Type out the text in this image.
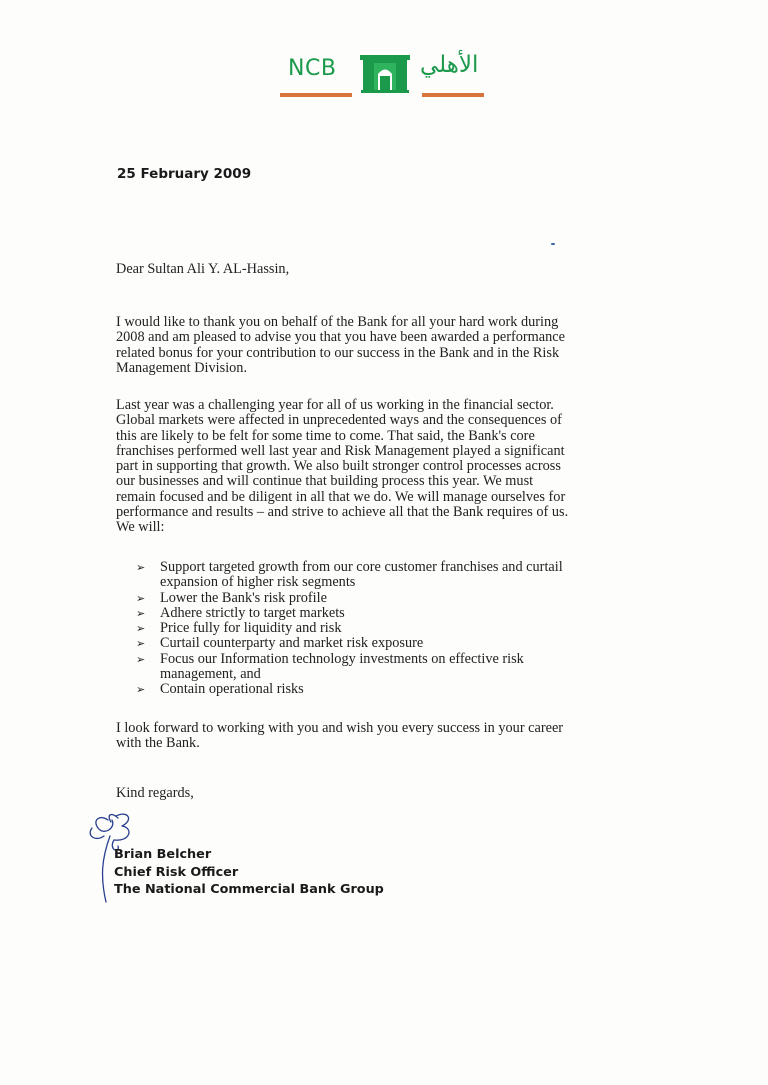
NCB	الأهلي
25 February 2009
Dear Sultan Ali Y. AL-Hassin,

I would like to thank you on behalf of the Bank for all your hard work during
2008 and am pleased to advise you that you have been awarded a performance
related bonus for your contribution to our success in the Bank and in the Risk
Management Division.

Last year was a challenging year for all of us working in the financial sector.
Global markets were affected in unprecedented ways and the consequences of
this are likely to be felt for some time to come. That said, the Bank's core
franchises performed well last year and Risk Management played a significant
part in supporting that growth. We also built stronger control processes across
our businesses and will continue that building process this year. We must
remain focused and be diligent in all that we do. We will manage ourselves for
performance and results – and strive to achieve all that the Bank requires of us.
We will:

➢ Support targeted growth from our core customer franchises and curtail
expansion of higher risk segments
➢ Lower the Bank's risk profile
➢ Adhere strictly to target markets
➢ Price fully for liquidity and risk
➢ Curtail counterparty and market risk exposure
➢ Focus our Information technology investments on effective risk
management, and
➢ Contain operational risks

I look forward to working with you and wish you every success in your career
with the Bank.

Kind regards,
Brian Belcher
Chief Risk Officer
The National Commercial Bank Group
